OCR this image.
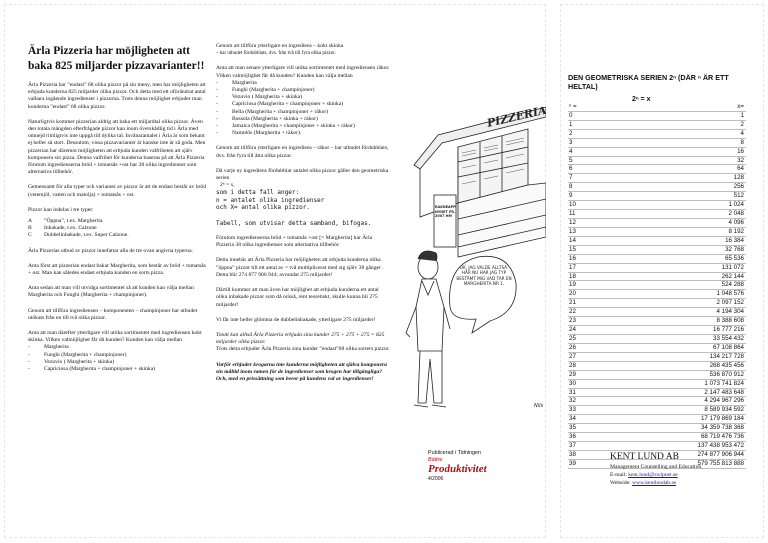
Ärla Pizzeria har möjligheten att baka 825 miljarder pizzavarianter!!

Ärla Pizzeria har ”endast” 68 olika pizzor på sin meny, men har möjligheten att erbjuda kunderna 825 miljarder olika pizzor. Och detta med ett oförändrat antal valbara ingående ingredienser i pizzorna. Trots denna möjlighet erbjuder man kunderna ”endast” 68 olika pizzor.

Naturligtvis kommer pizzerian aldrig att baka ett miljardtal olika pizzor. Även den totala mängden efterfrågade pizzor kan inom överskådlig tid i Ärla med omnejd rimligtvis inte uppgå till dylika tal. Invånarantalet i Ärla är som bekant ej heller så stort. Dessutom, vissa pizzavarianter är kanske inte är så goda. Men pizzerian har däremot möjligheten att erbjuda kunden valfriheten att själv komponera sin pizza. Denna valfrihet för kunderna baseras på att Ärla Pizzeria förutom ingredienserna bröd + tomatsås +ost har 38 olika ingredienser som alternativa tillbehör.

Gemensamt för alla typer och varianter av pizzor är att de endast består av bröd (vetemjöl, vatten och matolja) + tomatsås + ost.

Pizzor kan indelas i tre typer:

A	”Öppna”, t.ex. Margherita
B	Inbakade, t.ex. Calzone
C	Dubbelinbakade, t.ex. Super Calzone.

Ärla Pizzerias utbud av pizzor innefattar alla de tre ovan angivna typerna.

Anta först att pizzerian endast bakar Margherita, som består av bröd + tomatsås + ost. Man kan således endast erbjuda kunden en sorts pizza.

Anta sedan att man vill utvidga sortimentet så att kunden kan välja mellan Margherita och Funghi (Margherita + champinjoner).

Genom att tillföra ingrediensen – komponenten – champinjoner har utbudet utökats från en till två olika pizzor.

Anta att man därefter ytterligare vill utöka sortimentet med ingrediensen kokt skinka. Vilken valmöjlighet får då kunden? Kunden kan välja mellan

- Margherita
- Funghi (Margherita + champinjoner)
- Vezuvio ( Margherita + skinka)
- Capriciosa (Margherita + champinjoner + skinka)

Genom att tillföra ytterligare en ingrediens – kokt skinka

– har utbudet fördubblats, dvs. från två till fyra olika pizzor.

Anta att man senare ytterligare vill utöka sortimentet med ingrediensen räkor. Vilken valmöjlighet får då kunden? Kunden kan välja mellan

- Margherita
- Funghi (Margherita + champinjoner)
- Vezuvio ( Margherita + skinka)
- Capriciosa (Margherita + champinjoner + skinka)
- Bella (Margherita + champinjoner + räkor)
- Bussola (Margherita + skinka + räkor)
- Jamaica (Margherita + champinjoner + skinka + räkor)
- Namnlös (Margherita + räkor).

Genom att tillföra ytterligare en ingrediens – räkor – har utbudet fördubblats, dvs. från fyra till åtta olika pizzor.

Då varje ny ingrediens fördubblar antalet olika pizzor gäller den geometriska serien

2ⁿ = x,

som i detta fall anger:

n = antalet olika ingredienser

och X= antal olika pizzor.

Tabell, som utvisar detta samband, bifogas.

Förutom ingredienserna bröd + tomatsås +ost [= Margherita] har Ärla Pizzeria 38 olika ingredienser som alternativa tillbehör.

Detta innebär att Ärla Pizzeria har möjligheten att erbjuda kunderna olika ”öppna” pizzor till ett antal av = två multiplicerat med sig själv 38 gånger . Detta blir 274 877 906 944; avrundat 275 miljarder!

Därtill kommer att man även har möjlighet att erbjuda kunderna ett antal olika inbakade pizzor som då också, rent teoretiskt, skulle kunna bli 275 miljarder!

Vi får inte heller glömma de dubbelinbakade, ytterligare 275 miljarder!

Totalt kan alltså Ärla Pizzeria erbjuda sina kunder 275 + 275 + 275 = 825 miljarder olika pizzor.

Trots detta erbjuder Ärla Pizzeria sina kunder ”endast”68 olika sorters pizzor.

Varför erbjuder krogarna inte kunderna möjligheten att själva komponera sin måltid inom ramen för de ingredienser som krogen har tillgängliga? Och, med en prissättning som beror på kundens val av ingredienser!

PIZZERIA
RÄKNEAPP. NYHET FR. 2007 HM
OK, JAG VALDE ALLTSÅ. HÄR NU HAR JAG TYP BESTÄMT MIG VAD TAR EN MARGHERITA NR 1.
Nils
Publicerad i Tidningen
Bättre
Produktivitet
4/2006
DEN GEOMETRISKA SERIEN 2ⁿ (DÄR ⁿ ÄR ETT HELTAL)
2ⁿ = x
ⁿ =	x=
0	1
1	2
2	4
3	8
4	16
5	32
6	64
7	128
8	256
9	512
10	1 024
11	2 048
12	4 096
13	8 192
14	16 384
15	32 768
16	65 536
17	131 072
18	262 144
19	524 288
20	1 048 576
21	2 097 152
22	4 194 304
23	8 388 608
24	16 777 216
25	33 554 432
26	67 108 864
27	134 217 728
28	268 435 456
29	536 870 912
30	1 073 741 824
31	2 147 483 648
32	4 294 967 296
33	8 589 934 592
34	17 179 869 184
35	34 359 738 368
36	68 719 476 736
37	137 438 953 472
38	274 877 906 944
39	579 755 813 888
KENT LUND AB
Management Counselling and Education
E-mail: kent.lund@swipnet.se
Webside: www.kentlundab.se
